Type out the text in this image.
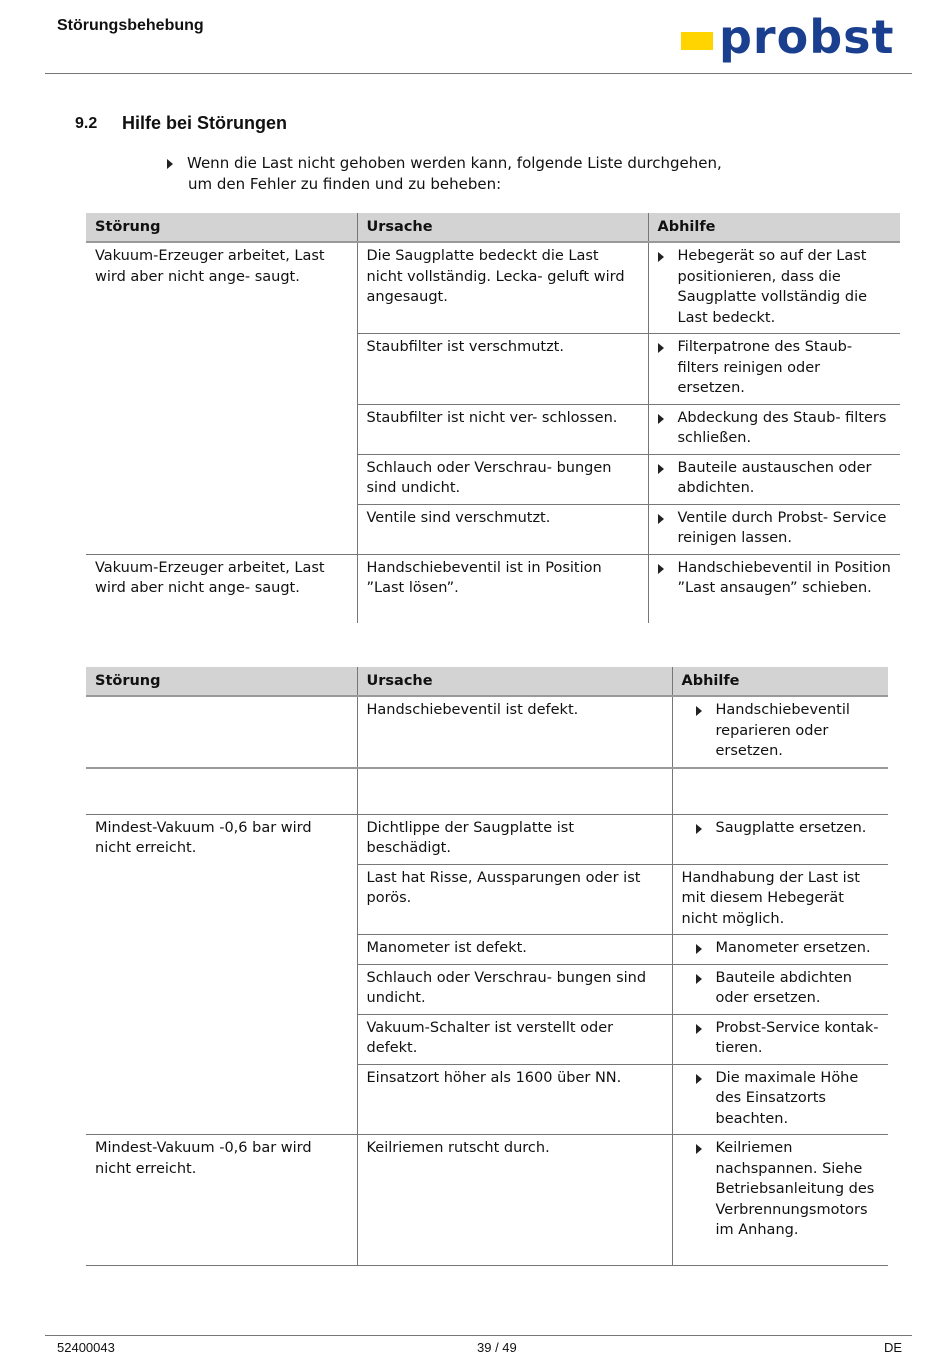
Störungsbehebung	probst
9.2 Hilfe bei Störungen
Wenn die Last nicht gehoben werden kann, folgende Liste durchgehen,
um den Fehler zu finden und zu beheben:
Störung	Ursache	Abhilfe
Vakuum-Erzeuger arbeitet, Last wird aber nicht ange- saugt.	Die Saugplatte bedeckt die Last nicht vollständig. Lecka- geluft wird angesaugt.	Hebegerät so auf der Last positionieren, dass die Saugplatte vollständig die Last bedeckt.

	Staubfilter ist verschmutzt.	Filterpatrone des Staub- filters reinigen oder ersetzen.

	Staubfilter ist nicht ver- schlossen.	Abdeckung des Staub- filters schließen.

	Schlauch oder Verschrau- bungen sind undicht.	Bauteile austauschen oder abdichten.

	Ventile sind verschmutzt.	Ventile durch Probst- Service reinigen lassen.

Vakuum-Erzeuger arbeitet, Last wird aber nicht ange- saugt.	Handschiebeventil ist in Position ”Last lösen”.	Handschiebeventil in Position ”Last ansaugen” schieben.
Störung	Ursache	Abhilfe
	Handschiebeventil ist defekt.	Handschiebeventil reparieren oder ersetzen.

Mindest-Vakuum -0,6 bar wird nicht erreicht.	Dichtlippe der Saugplatte ist beschädigt.	Saugplatte ersetzen.

	Last hat Risse, Aussparungen oder ist porös.	Handhabung der Last ist mit diesem Hebegerät nicht möglich.
	Manometer ist defekt.	Manometer ersetzen.

	Schlauch oder Verschrau- bungen sind undicht.	Bauteile abdichten oder ersetzen.

	Vakuum-Schalter ist verstellt oder defekt.	Probst-Service kontak- tieren.

	Einsatzort höher als 1600 über NN.	Die maximale Höhe des Einsatzorts beachten.

Mindest-Vakuum -0,6 bar wird nicht erreicht.	Keilriemen rutscht durch.	Keilriemen nachspannen. Siehe Betriebsanleitung des Verbrennungsmotors im Anhang.
52400043	39 / 49	DE
